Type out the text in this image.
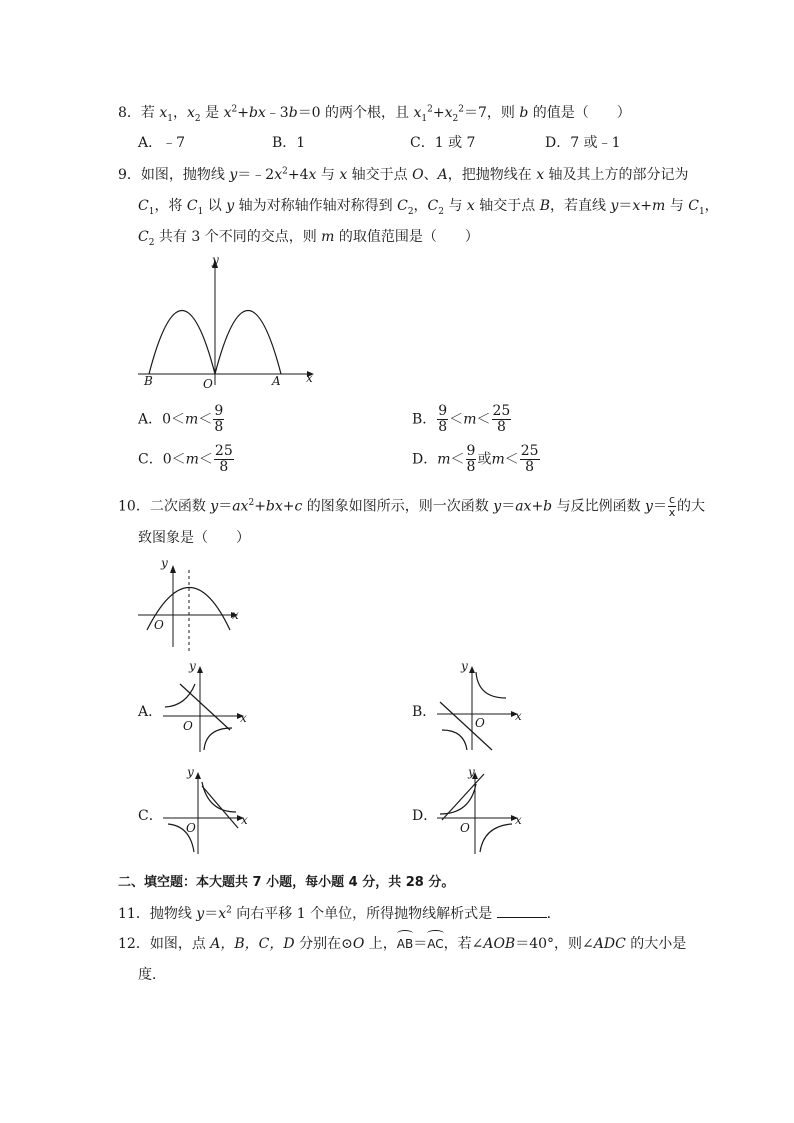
8．若 $x_1$，$x_2$ 是 $x^2+bx﹣3b=0$ 的两个根，且 $x_1^2+x_2^2=7$，则 b 的值是（　　）
A．﹣7	B．1	C．1 或 7	D．7 或﹣1
9．如图，抛物线 $y=﹣2x^2+4x$ 与 x 轴交于点 O、A，把抛物线在 x 轴及其上方的部分记为
$C_1$，将 $C_1$ 以 y 轴为对称轴作轴对称得到 $C_2$，$C_2$ 与 x 轴交于点 B，若直线 y＝x+m 与 $C_1$，
$C_2$ 共有 3 个不同的交点，则 m 的取值范围是（　　）
y
x
O	A
B
A．$0<m< \frac{9}{8}$	B． $\frac{9}{8} <m< \frac{25}{8}$
C．$0<m< \frac{25}{8}$	D．$m< \frac{9}{8}$ 或$m< \frac{25}{8}$
10．二次函数 $y=ax^2+bx+c$ 的图象如图所示，则一次函数 y＝ax+b 与反比例函数 $y= \frac{c}{x}$ 的大
致图象是（　　）
y
x
O
A．
y
x
O
B．
y
x
O
C．
y
x
O
D．
y
x
O
二、填空题：本大题共 7 小题，每小题 4 分，共 28 分。
11．抛物线 $y=x^2$ 向右平移 1 个单位，所得抛物线解析式是	．
12．如图，点 A，B，C，D 分别在⊙O 上，AB＝AC，若∠AOB＝40°，则∠ADC 的大小是
度．
